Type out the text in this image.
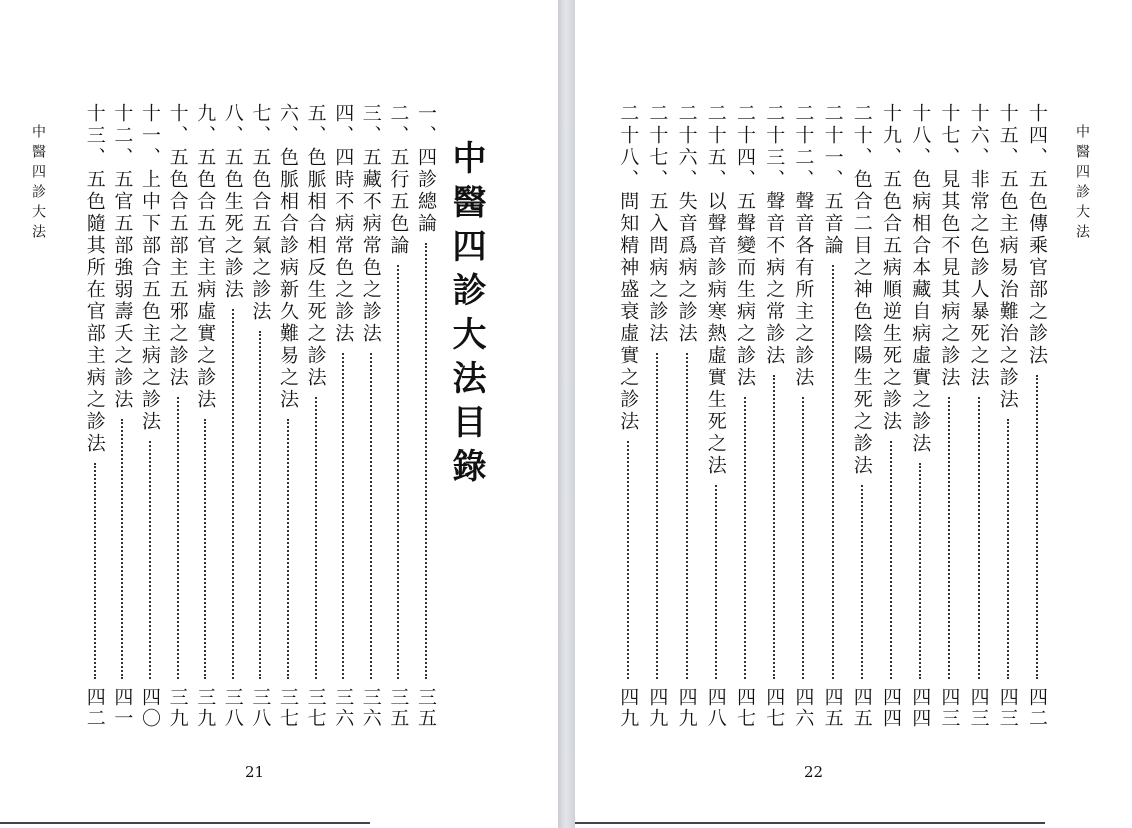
中醫四診大法	中醫四診大法目錄
一、四診總論
三五
二、五行五色論
三五
三、五藏不病常色之診法
三六
四、四時不病常色之診法
三六
五、色脈相合相反生死之診法
三七
六、色脈相合診病新久難易之法
三七
七、五色合五氣之診法
三八
八、五色生死之診法
三八
九、五色合五官主病虛實之診法
三九
十、五色合五部主五邪之診法
三九
十一、上中下部合五色主病之診法
四〇
十二、五官五部強弱壽夭之診法
四一
十三、五色隨其所在官部主病之診法
四二
21
中醫四診大法
十四、五色傳乘官部之診法
四二
十五、五色主病易治難治之診法
四三
十六、非常之色診人暴死之法
四三
十七、見其色不見其病之診法
四三
十八、色病相合本藏自病虛實之診法
四四
十九、五色合五病順逆生死之診法
四四
二十、色合二目之神色陰陽生死之診法
四五
二十一、五音論
四五
二十二、聲音各有所主之診法
四六
二十三、聲音不病之常診法
四七
二十四、五聲變而生病之診法
四七
二十五、以聲音診病寒熱虛實生死之法
四八
二十六、失音爲病之診法
四九
二十七、五入問病之診法
四九
二十八、問知精神盛衰虛實之診法
四九
22
